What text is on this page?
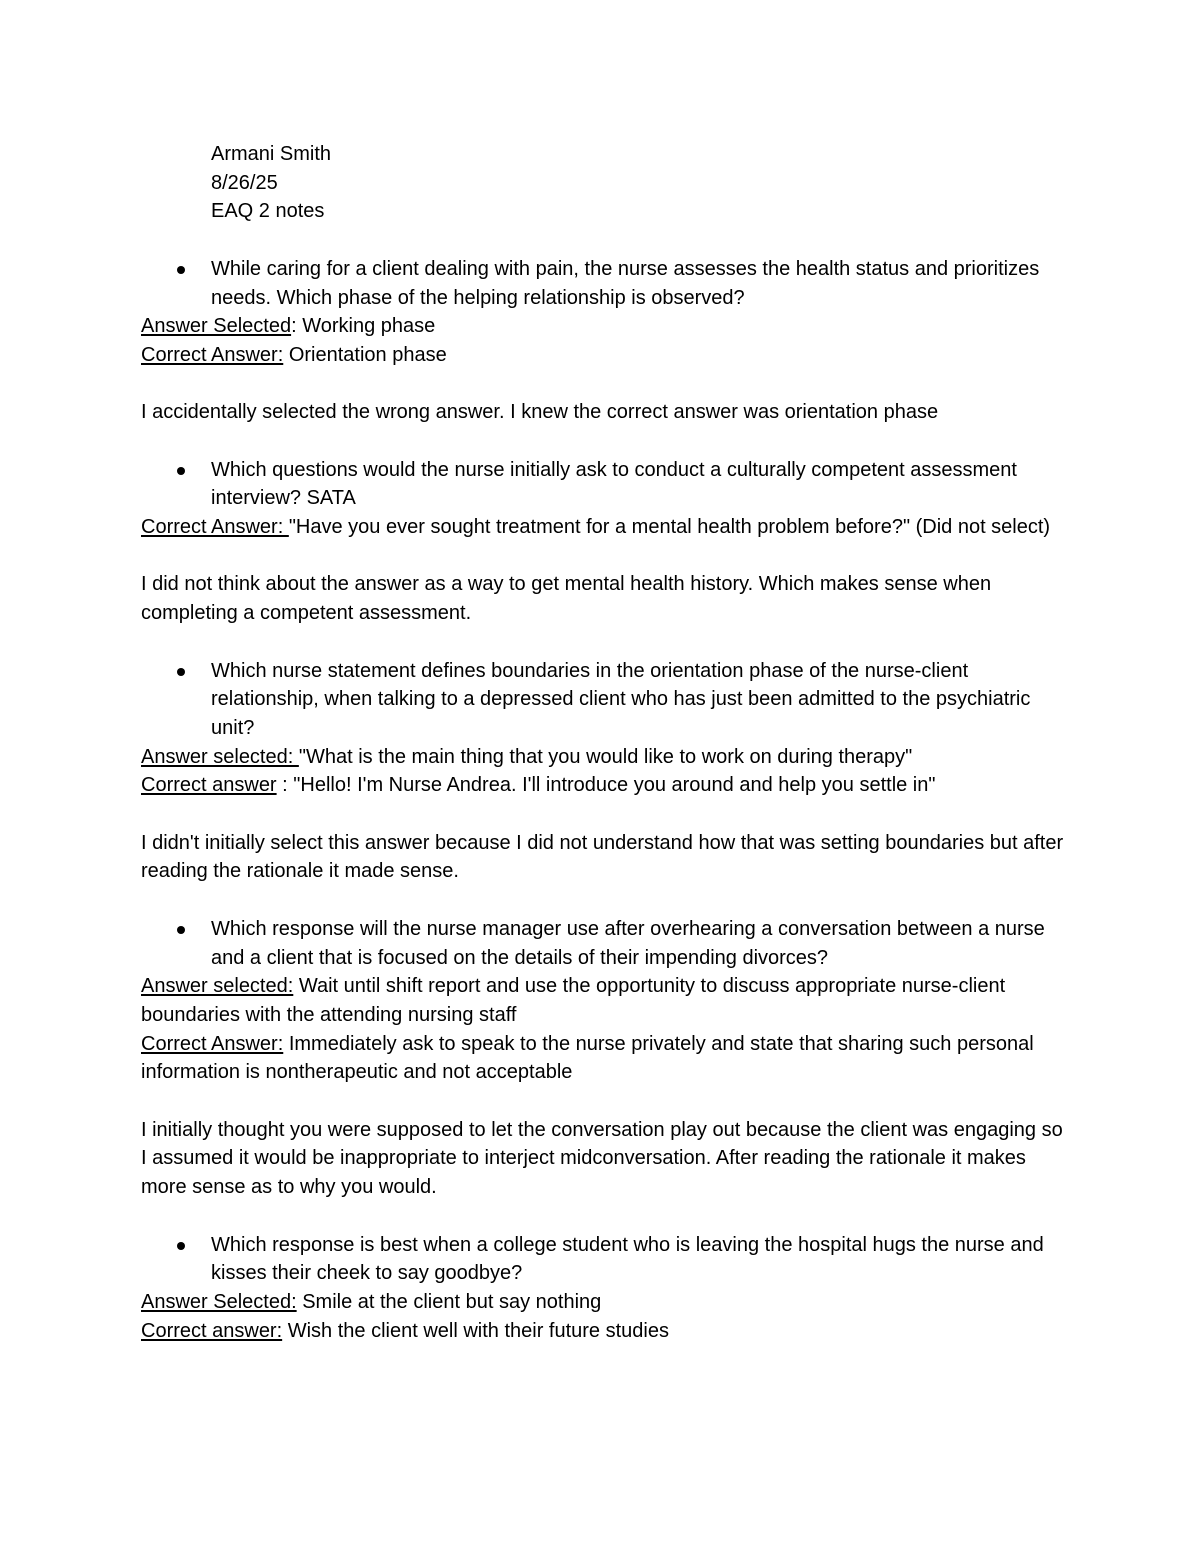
Armani Smith
8/26/25
EAQ 2 notes
While caring for a client dealing with pain, the nurse assesses the health status and prioritizes needs. Which phase of the helping relationship is observed?
Answer Selected: Working phase
Correct Answer: Orientation phase
I accidentally selected the wrong answer. I knew the correct answer was orientation phase
Which questions would the nurse initially ask to conduct a culturally competent assessment interview? SATA
Correct Answer: "Have you ever sought treatment for a mental health problem before?" (Did not select)
I did not think about the answer as a way to get mental health history. Which makes sense when completing a competent assessment.
Which nurse statement defines boundaries in the orientation phase of the nurse-client relationship, when talking to a depressed client who has just been admitted to the psychiatric unit?
Answer selected: "What is the main thing that you would like to work on during therapy"
Correct answer : "Hello! I'm Nurse Andrea. I'll introduce you around and help you settle in"
I didn't initially select this answer because I did not understand how that was setting boundaries but after reading the rationale it made sense.
Which response will the nurse manager use after overhearing a conversation between a nurse and a client that is focused on the details of their impending divorces?
Answer selected: Wait until shift report and use the opportunity to discuss appropriate nurse-client boundaries with the attending nursing staff
Correct Answer: Immediately ask to speak to the nurse privately and state that sharing such personal information is nontherapeutic and not acceptable
I initially thought you were supposed to let the conversation play out because the client was engaging so I assumed it would be inappropriate to interject midconversation. After reading the rationale it makes more sense as to why you would.
Which response is best when a college student who is leaving the hospital hugs the nurse and kisses their cheek to say goodbye?
Answer Selected: Smile at the client but say nothing
Correct answer: Wish the client well with their future studies
